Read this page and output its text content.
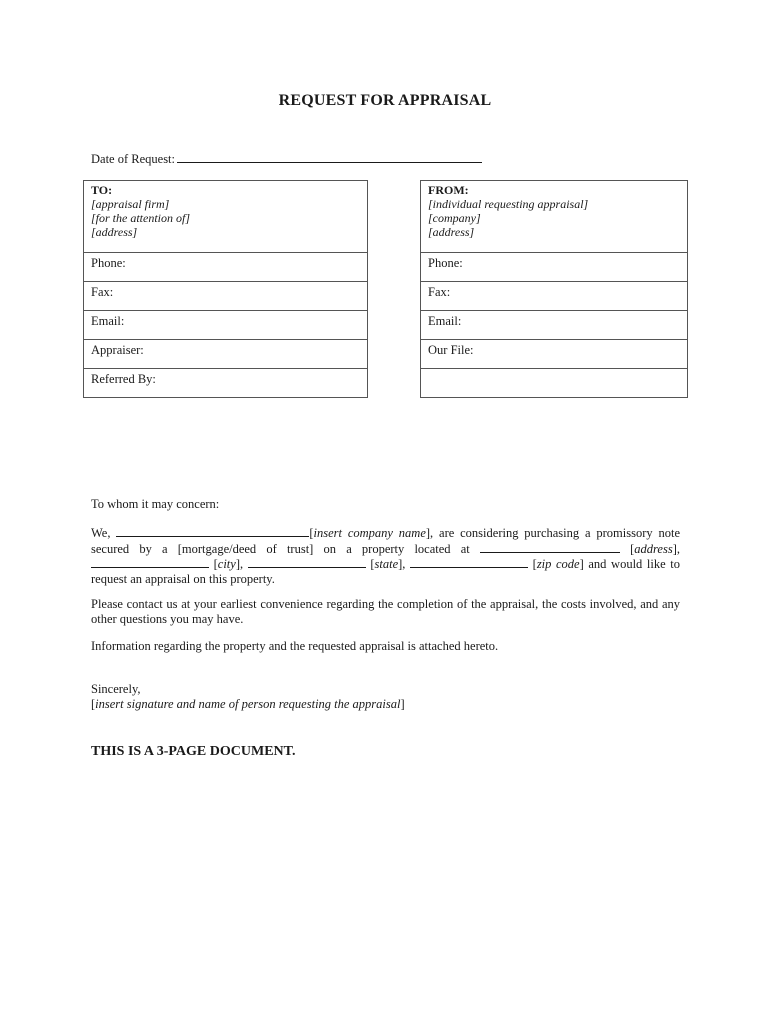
REQUEST FOR APPRAISAL
Date of Request:
TO:
[appraisal firm]
[for the attention of]
[address]
Phone:
Fax:
Email:
Appraiser:
Referred By:
FROM:
[individual requesting appraisal]
[company]
[address]
Phone:
Fax:
Email:
Our File:
To whom it may concern:
We,	[insert company name], are considering purchasing a promissory note secured by a [mortgage/deed of trust] on a property located at	[address],  [city],	[state],	[zip code] and would like to request an appraisal on this property.
Please contact us at your earliest convenience regarding the completion of the appraisal, the costs involved, and any other questions you may have.
Information regarding the property and the requested appraisal is attached hereto.
Sincerely,
[insert signature and name of person requesting the appraisal]
THIS IS A 3-PAGE DOCUMENT.
